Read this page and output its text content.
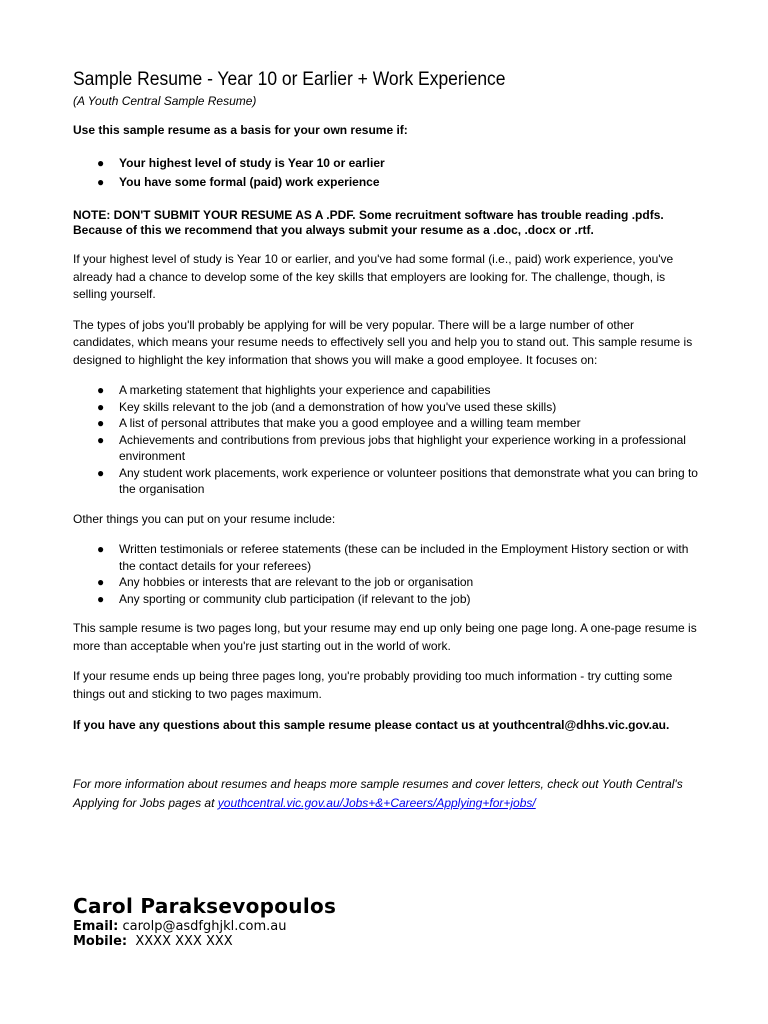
Sample Resume - Year 10 or Earlier + Work Experience

(A Youth Central Sample Resume)

Use this sample resume as a basis for your own resume if:

● Your highest level of study is Year 10 or earlier
● You have some formal (paid) work experience
NOTE: DON'T SUBMIT YOUR RESUME AS A .PDF. Some recruitment software has trouble reading .pdfs.
Because of this we recommend that you always submit your resume as a .doc, .docx or .rtf.

If your highest level of study is Year 10 or earlier, and you've had some formal (i.e., paid) work experience, you've already had a chance to develop some of the key skills that employers are looking for. The challenge, though, is selling yourself.

The types of jobs you'll probably be applying for will be very popular. There will be a large number of other candidates, which means your resume needs to effectively sell you and help you to stand out. This sample resume is designed to highlight the key information that shows you will make a good employee. It focuses on:

● A marketing statement that highlights your experience and capabilities
● Key skills relevant to the job (and a demonstration of how you've used these skills)
● A list of personal attributes that make you a good employee and a willing team member
● Achievements and contributions from previous jobs that highlight your experience working in a professional environment
● Any student work placements, work experience or volunteer positions that demonstrate what you can bring to the organisation

Other things you can put on your resume include:

● Written testimonials or referee statements (these can be included in the Employment History section or with the contact details for your referees)
● Any hobbies or interests that are relevant to the job or organisation
● Any sporting or community club participation (if relevant to the job)

This sample resume is two pages long, but your resume may end up only being one page long. A one-page resume is more than acceptable when you're just starting out in the world of work.

If your resume ends up being three pages long, you're probably providing too much information - try cutting some things out and sticking to two pages maximum.

If you have any questions about this sample resume please contact us at youthcentral@dhhs.vic.gov.au.

For more information about resumes and heaps more sample resumes and cover letters, check out Youth Central's Applying for Jobs pages at youthcentral.vic.gov.au/Jobs+&+Careers/Applying+for+jobs/

Carol Paraksevopoulos

Email: carolp@asdfghjkl.com.au

Mobile: XXXX XXX XXX
